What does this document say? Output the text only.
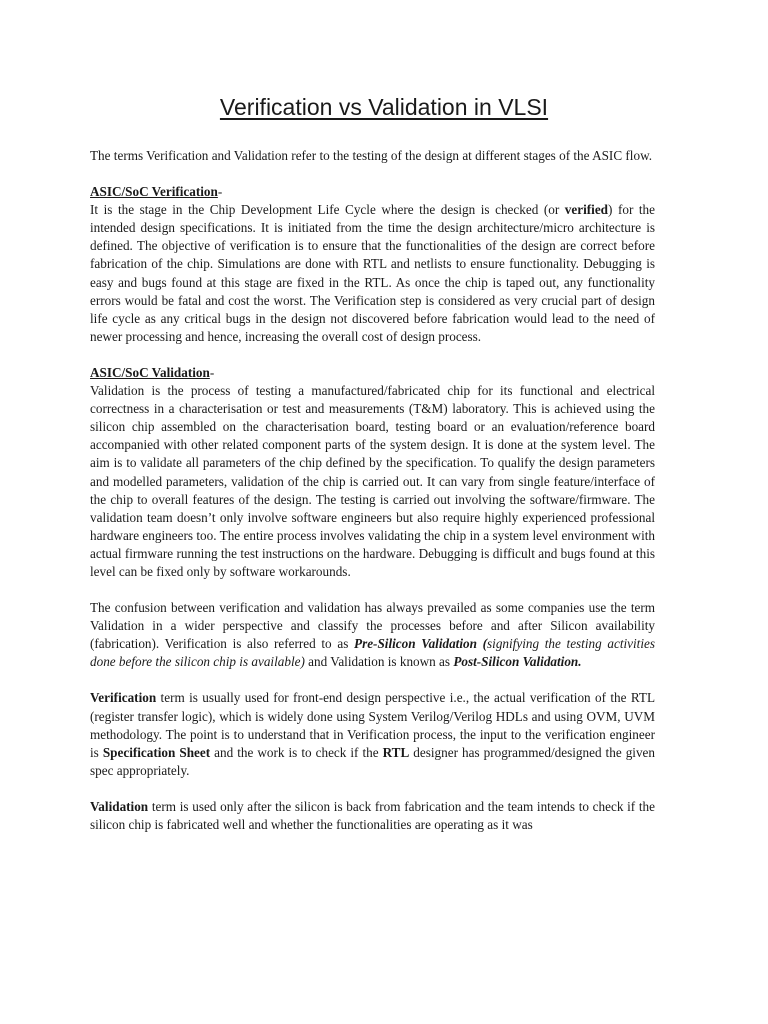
Verification vs Validation in VLSI

The terms Verification and Validation refer to the testing of the design at different stages of the ASIC flow.

ASIC/SoC Verification-

It is the stage in the Chip Development Life Cycle where the design is checked (or verified) for the intended design specifications. It is initiated from the time the design architecture/micro architecture is defined. The objective of verification is to ensure that the functionalities of the design are correct before fabrication of the chip. Simulations are done with RTL and netlists to ensure functionality. Debugging is easy and bugs found at this stage are fixed in the RTL. As once the chip is taped out, any functionality errors would be fatal and cost the worst. The Verification step is considered as very crucial part of design life cycle as any critical bugs in the design not discovered before fabrication would lead to the need of newer processing and hence, increasing the overall cost of design process.

ASIC/SoC Validation-

Validation is the process of testing a manufactured/fabricated chip for its functional and electrical correctness in a characterisation or test and measurements (T&M) laboratory. This is achieved using the silicon chip assembled on the characterisation board, testing board or an evaluation/reference board accompanied with other related component parts of the system design. It is done at the system level. The aim is to validate all parameters of the chip defined by the specification. To qualify the design parameters and modelled parameters, validation of the chip is carried out. It can vary from single feature/interface of the chip to overall features of the design. The testing is carried out involving the software/firmware. The validation team doesn’t only involve software engineers but also require highly experienced professional hardware engineers too. The entire process involves validating the chip in a system level environment with actual firmware running the test instructions on the hardware. Debugging is difficult and bugs found at this level can be fixed only by software workarounds.

The confusion between verification and validation has always prevailed as some companies use the term Validation in a wider perspective and classify the processes before and after Silicon availability (fabrication). Verification is also referred to as Pre-Silicon Validation (signifying the testing activities done before the silicon chip is available) and Validation is known as Post-Silicon Validation.

Verification term is usually used for front-end design perspective i.e., the actual verification of the RTL (register transfer logic), which is widely done using System Verilog/Verilog HDLs and using OVM, UVM methodology. The point is to understand that in Verification process, the input to the verification engineer is Specification Sheet and the work is to check if the RTL designer has programmed/designed the given spec appropriately.

Validation term is used only after the silicon is back from fabrication and the team intends to check if the silicon chip is fabricated well and whether the functionalities are operating as it was
